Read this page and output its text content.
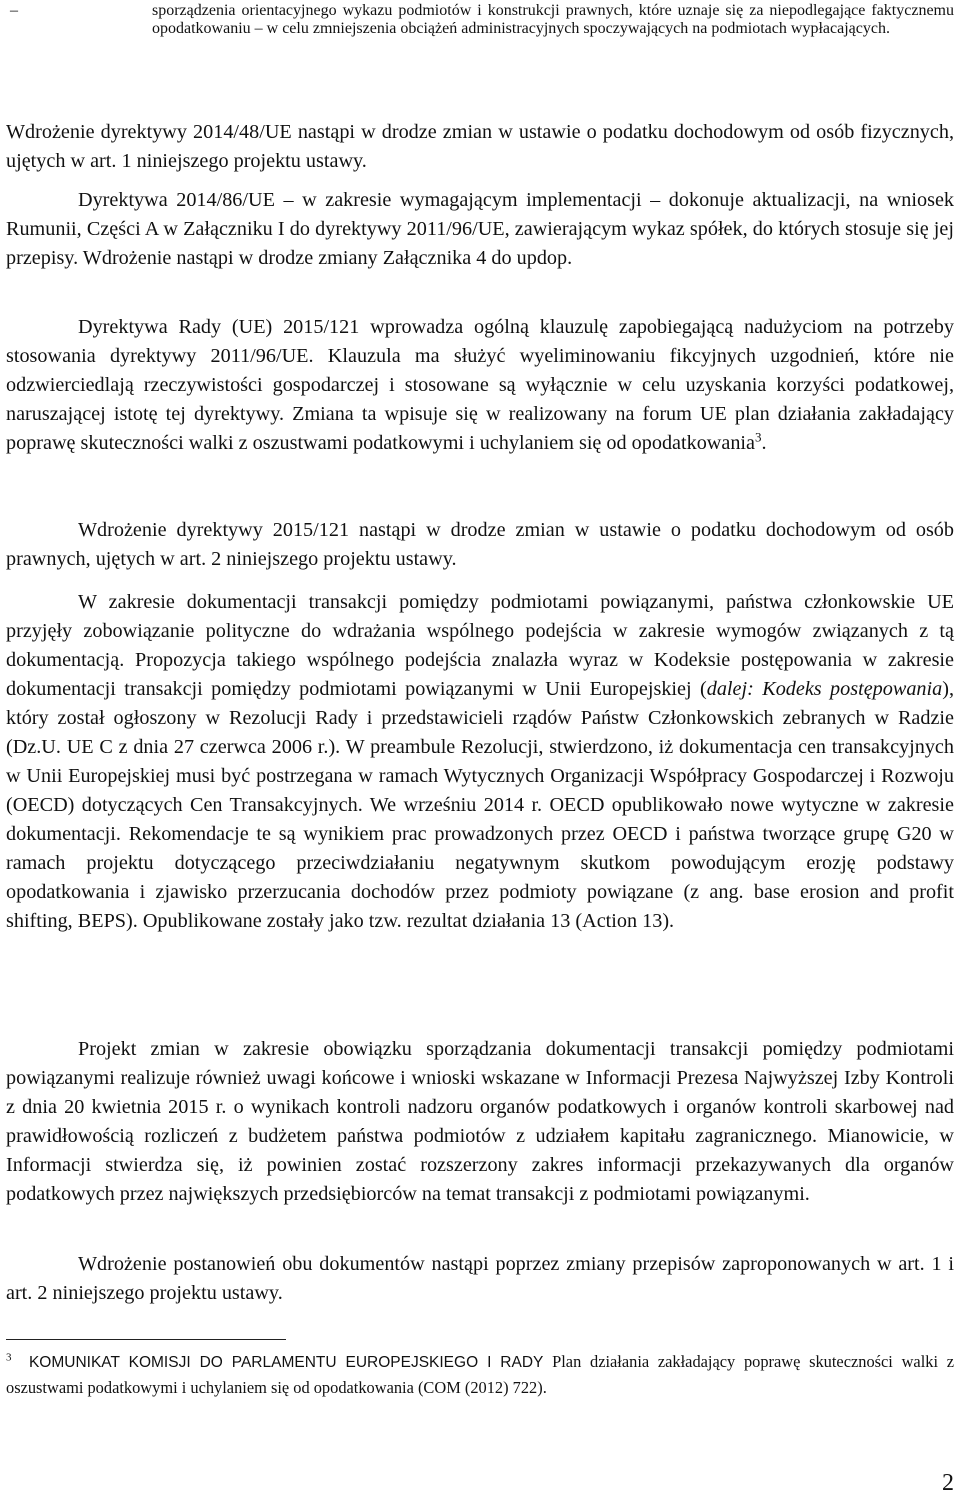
–	sporządzenia orientacyjnego wykazu podmiotów i konstrukcji prawnych, które uznaje się za niepodlegające faktycznemu opodatkowaniu – w celu zmniejszenia obciążeń administracyjnych spoczywających na podmiotach wypłacających.

Wdrożenie dyrektywy 2014/48/UE nastąpi w drodze zmian w ustawie o podatku dochodowym od osób fizycznych, ujętych w art. 1 niniejszego projektu ustawy.

Dyrektywa 2014/86/UE – w zakresie wymagającym implementacji – dokonuje aktualizacji, na wniosek Rumunii, Części A w Załączniku I do dyrektywy 2011/96/UE, zawierającym wykaz spółek, do których stosuje się jej przepisy. Wdrożenie nastąpi w drodze zmiany Załącznika 4 do updop.

Dyrektywa Rady (UE) 2015/121 wprowadza ogólną klauzulę zapobiegającą nadużyciom na potrzeby stosowania dyrektywy 2011/96/UE. Klauzula ma służyć wyeliminowaniu fikcyjnych uzgodnień, które nie odzwierciedlają rzeczywistości gospodarczej i stosowane są wyłącznie w celu uzyskania korzyści podatkowej, naruszającej istotę tej dyrektywy. Zmiana ta wpisuje się w realizowany na forum UE plan działania zakładający poprawę skuteczności walki z oszustwami podatkowymi i uchylaniem się od opodatkowania$^3$.

Wdrożenie dyrektywy 2015/121 nastąpi w drodze zmian w ustawie o podatku dochodowym od osób prawnych, ujętych w art. 2 niniejszego projektu ustawy.

W zakresie dokumentacji transakcji pomiędzy podmiotami powiązanymi, państwa członkowskie UE przyjęły zobowiązanie polityczne do wdrażania wspólnego podejścia w zakresie wymogów związanych z tą dokumentacją. Propozycja takiego wspólnego podejścia znalazła wyraz w Kodeksie postępowania w zakresie dokumentacji transakcji pomiędzy podmiotami powiązanymi w Unii Europejskiej (dalej: Kodeks postępowania), który został ogłoszony w Rezolucji Rady i przedstawicieli rządów Państw Członkowskich zebranych w Radzie (Dz.U. UE C z dnia 27 czerwca 2006 r.). W preambule Rezolucji, stwierdzono, iż dokumentacja cen transakcyjnych w Unii Europejskiej musi być postrzegana w ramach Wytycznych Organizacji Współpracy Gospodarczej i Rozwoju (OECD) dotyczących Cen Transakcyjnych. We wrześniu 2014 r. OECD opublikowało nowe wytyczne w zakresie dokumentacji. Rekomendacje te są wynikiem prac prowadzonych przez OECD i państwa tworzące grupę G20 w ramach projektu dotyczącego przeciwdziałaniu negatywnym skutkom powodującym erozję podstawy opodatkowania i zjawisko przerzucania dochodów przez podmioty powiązane (z ang. base erosion and profit shifting, BEPS). Opublikowane zostały jako tzw. rezultat działania 13 (Action 13).

Projekt zmian w zakresie obowiązku sporządzania dokumentacji transakcji pomiędzy podmiotami powiązanymi realizuje również uwagi końcowe i wnioski wskazane w Informacji Prezesa Najwyższej Izby Kontroli z dnia 20 kwietnia 2015 r. o wynikach kontroli nadzoru organów podatkowych i organów kontroli skarbowej nad prawidłowością rozliczeń z budżetem państwa podmiotów z udziałem kapitału zagranicznego. Mianowicie, w Informacji stwierdza się, iż powinien zostać rozszerzony zakres informacji przekazywanych dla organów podatkowych przez największych przedsiębiorców na temat transakcji z podmiotami powiązanymi.

Wdrożenie postanowień obu dokumentów nastąpi poprzez zmiany przepisów zaproponowanych w art. 1 i art. 2 niniejszego projektu ustawy.

$^3$ KOMUNIKAT KOMISJI DO PARLAMENTU EUROPEJSKIEGO I RADY Plan działania zakładający poprawę skuteczności walki z oszustwami podatkowymi i uchylaniem się od opodatkowania (COM (2012) 722).
2
